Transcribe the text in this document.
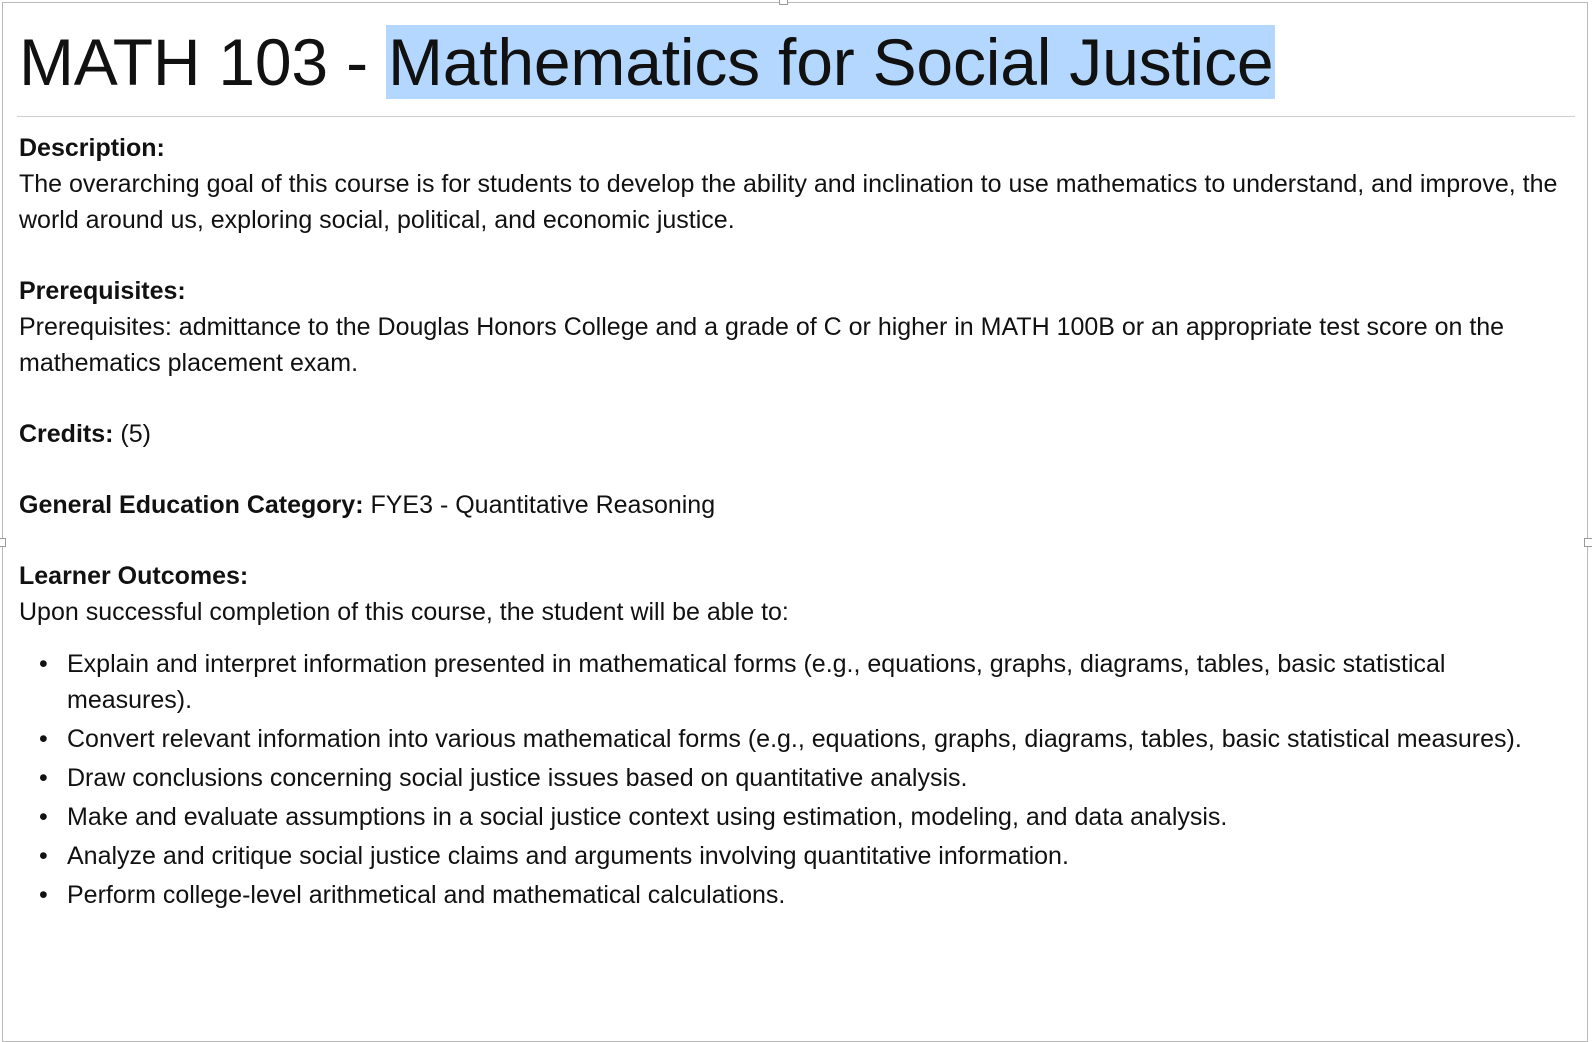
MATH 103 - Mathematics for Social Justice
Description:

The overarching goal of this course is for students to develop the ability and inclination to use mathematics to understand, and improve, the world around us, exploring social, political, and economic justice.

Prerequisites:

Prerequisites: admittance to the Douglas Honors College and a grade of C or higher in MATH 100B or an appropriate test score on the mathematics placement exam.

Credits: (5)
General Education Category: FYE3 - Quantitative Reasoning
Learner Outcomes:

Upon successful completion of this course, the student will be able to:

• Explain and interpret information presented in mathematical forms (e.g., equations, graphs, diagrams, tables, basic statistical measures).
• Convert relevant information into various mathematical forms (e.g., equations, graphs, diagrams, tables, basic statistical measures).
• Draw conclusions concerning social justice issues based on quantitative analysis.
• Make and evaluate assumptions in a social justice context using estimation, modeling, and data analysis.
• Analyze and critique social justice claims and arguments involving quantitative information.
• Perform college-level arithmetical and mathematical calculations.
